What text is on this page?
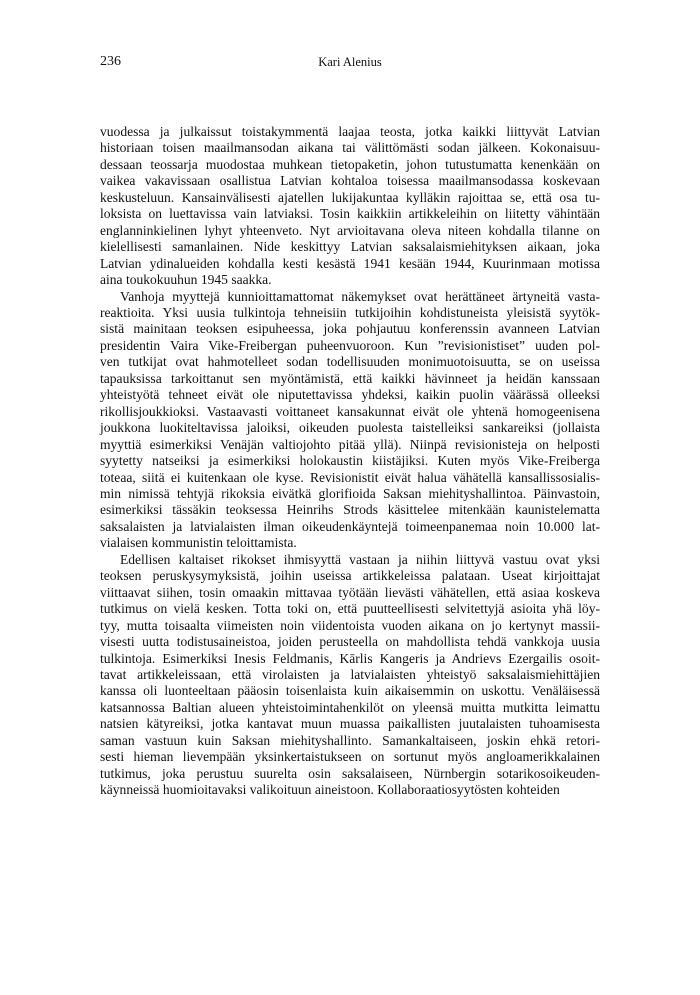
236	Kari Alenius

vuodessa ja julkaissut toistakymmentä laajaa teosta, jotka kaikki liittyvät Latvian
historiaan toisen maailmansodan aikana tai välittömästi sodan jälkeen. Kokonaisuu-
dessaan teossarja muodostaa muhkean tietopaketin, johon tutustumatta kenenkään on
vaikea vakavissaan osallistua Latvian kohtaloa toisessa maailmansodassa koskevaan
keskusteluun. Kansainvälisesti ajatellen lukijakuntaa kylläkin rajoittaa se, että osa tu-
loksista on luettavissa vain latviaksi. Tosin kaikkiin artikkeleihin on liitetty vähintään
englanninkielinen lyhyt yhteenveto. Nyt arvioitavana oleva niteen kohdalla tilanne on
kielellisesti samanlainen. Nide keskittyy Latvian saksalaismiehityksen aikaan, joka
Latvian ydinalueiden kohdalla kesti kesästä 1941 kesään 1944, Kuurinmaan motissa
aina toukokuuhun 1945 saakka.

Vanhoja myyttejä kunnioittamattomat näkemykset ovat herättäneet ärtyneitä vasta-
reaktioita. Yksi uusia tulkintoja tehneisiin tutkijoihin kohdistuneista yleisistä syytök-
sistä mainitaan teoksen esipuheessa, joka pohjautuu konferenssin avanneen Latvian
presidentin Vaira Vike-Freibergan puheenvuoroon. Kun ”revisionistiset” uuden pol-
ven tutkijat ovat hahmotelleet sodan todellisuuden monimuotoisuutta, se on useissa
tapauksissa tarkoittanut sen myöntämistä, että kaikki hävinneet ja heidän kanssaan
yhteistyötä tehneet eivät ole niputettavissa yhdeksi, kaikin puolin väärässä olleeksi
rikollisjoukkioksi. Vastaavasti voittaneet kansakunnat eivät ole yhtenä homogeenisena
joukkona luokiteltavissa jaloiksi, oikeuden puolesta taistelleiksi sankareiksi (jollaista
myyttiä esimerkiksi Venäjän valtiojohto pitää yllä). Niinpä revisionisteja on helposti
syytetty natseiksi ja esimerkiksi holokaustin kiistäjiksi. Kuten myös Vike-Freiberga
toteaa, siitä ei kuitenkaan ole kyse. Revisionistit eivät halua vähätellä kansallissosialis-
min nimissä tehtyjä rikoksia eivätkä glorifioida Saksan miehityshallintoa. Päinvastoin,
esimerkiksi tässäkin teoksessa Heinrihs Strods käsittelee mitenkään kaunistelematta
saksalaisten ja latvialaisten ilman oikeudenkäyntejä toimeenpanemaa noin 10.000 lat-
vialaisen kommunistin teloittamista.

Edellisen kaltaiset rikokset ihmisyyttä vastaan ja niihin liittyvä vastuu ovat yksi
teoksen peruskysymyksistä, joihin useissa artikkeleissa palataan. Useat kirjoittajat
viittaavat siihen, tosin omaakin mittavaa työtään lievästi vähätellen, että asiaa koskeva
tutkimus on vielä kesken. Totta toki on, että puutteellisesti selvitettyjä asioita yhä löy-
tyy, mutta toisaalta viimeisten noin viidentoista vuoden aikana on jo kertynyt massii-
visesti uutta todistusaineistoa, joiden perusteella on mahdollista tehdä vankkoja uusia
tulkintoja. Esimerkiksi Inesis Feldmanis, Kārlis Kangeris ja Andrievs Ezergailis osoit-
tavat artikkeleissaan, että virolaisten ja latvialaisten yhteistyö saksalaismiehittäjien
kanssa oli luonteeltaan pääosin toisenlaista kuin aikaisemmin on uskottu. Venäläisessä
katsannossa Baltian alueen yhteistoimintahenkilöt on yleensä muitta mutkitta leimattu
natsien kätyreiksi, jotka kantavat muun muassa paikallisten juutalaisten tuhoamisesta
saman vastuun kuin Saksan miehityshallinto. Samankaltaiseen, joskin ehkä retori-
sesti hieman lievempään yksinkertaistukseen on sortunut myös angloamerikkalainen
tutkimus, joka perustuu suurelta osin saksalaiseen, Nürnbergin sotarikosoikeuden-
käynneissä huomioitavaksi valikoituun aineistoon. Kollaboraatiosyytösten kohteiden
